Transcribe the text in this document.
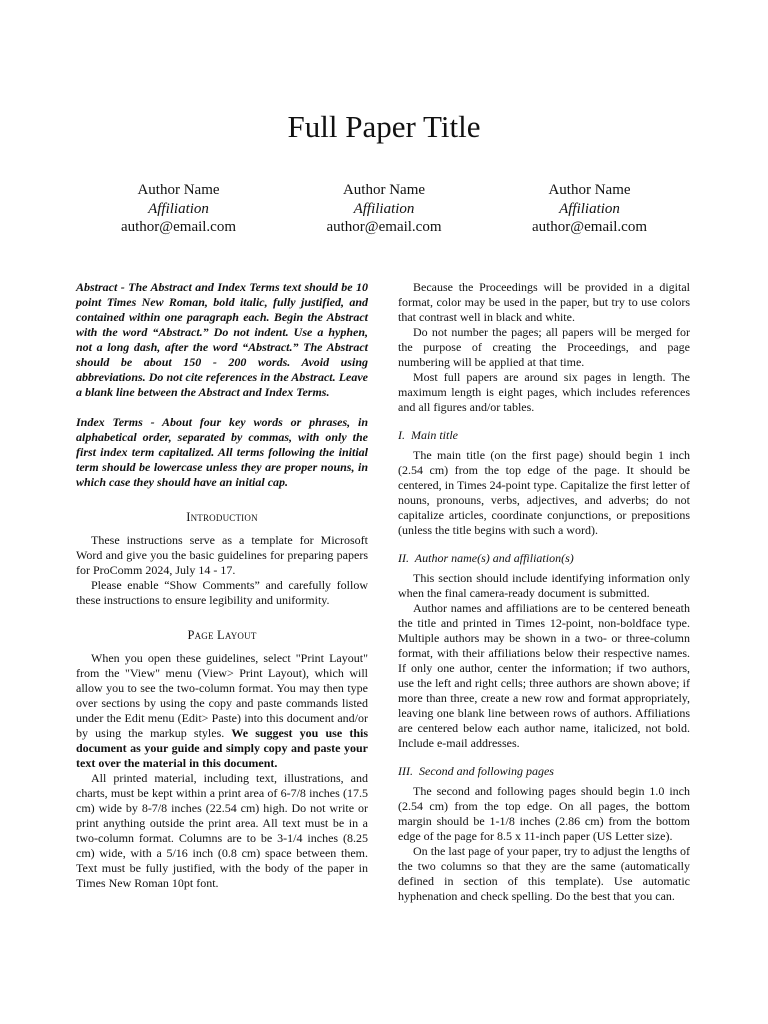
Full Paper Title
Author Name
Affiliation
author@email.com
Author Name
Affiliation
author@email.com
Author Name
Affiliation
author@email.com

Abstract - The Abstract and Index Terms text should be 10 point Times New Roman, bold italic, fully justified, and contained within one paragraph each. Begin the Abstract with the word “Abstract.” Do not indent. Use a hyphen, not a long dash, after the word “Abstract.” The Abstract should be about 150 - 200 words. Avoid using abbreviations. Do not cite references in the Abstract. Leave a blank line between the Abstract and Index Terms.

Index Terms - About four key words or phrases, in alphabetical order, separated by commas, with only the first index term capitalized. All terms following the initial term should be lowercase unless they are proper nouns, in which case they should have an initial cap.

Introduction

These instructions serve as a template for Microsoft Word and give you the basic guidelines for preparing papers for ProComm 2024, July 14 - 17.

Please enable “Show Comments” and carefully follow these instructions to ensure legibility and uniformity.

Page Layout

When you open these guidelines, select "Print Layout" from the "View" menu (View> Print Layout), which will allow you to see the two-column format. You may then type over sections by using the copy and paste commands listed under the Edit menu (Edit> Paste) into this document and/or by using the markup styles. We suggest you use this document as your guide and simply copy and paste your text over the material in this document.

All printed material, including text, illustrations, and charts, must be kept within a print area of 6-7/8 inches (17.5 cm) wide by 8-7/8 inches (22.54 cm) high. Do not write or print anything outside the print area. All text must be in a two-column format. Columns are to be 3-1/4 inches (8.25 cm) wide, with a 5/16 inch (0.8 cm) space between them. Text must be fully justified, with the body of the paper in Times New Roman 10pt font.

Because the Proceedings will be provided in a digital format, color may be used in the paper, but try to use colors that contrast well in black and white.

Do not number the pages; all papers will be merged for the purpose of creating the Proceedings, and page numbering will be applied at that time.

Most full papers are around six pages in length. The maximum length is eight pages, which includes references and all figures and/or tables.

I.  Main title

The main title (on the first page) should begin 1 inch (2.54 cm) from the top edge of the page. It should be centered, in Times 24-point type. Capitalize the first letter of nouns, pronouns, verbs, adjectives, and adverbs; do not capitalize articles, coordinate conjunctions, or prepositions (unless the title begins with such a word).

II.  Author name(s) and affiliation(s)

This section should include identifying information only when the final camera-ready document is submitted.

Author names and affiliations are to be centered beneath the title and printed in Times 12-point, non-boldface type. Multiple authors may be shown in a two- or three-column format, with their affiliations below their respective names. If only one author, center the information; if two authors, use the left and right cells; three authors are shown above; if more than three, create a new row and format appropriately, leaving one blank line between rows of authors. Affiliations are centered below each author name, italicized, not bold. Include e-mail addresses.

III.  Second and following pages

The second and following pages should begin 1.0 inch (2.54 cm) from the top edge. On all pages, the bottom margin should be 1-1/8 inches (2.86 cm) from the bottom edge of the page for 8.5 x 11-inch paper (US Letter size).

On the last page of your paper, try to adjust the lengths of the two columns so that they are the same (automatically defined in section of this template). Use automatic hyphenation and check spelling. Do the best that you can.
